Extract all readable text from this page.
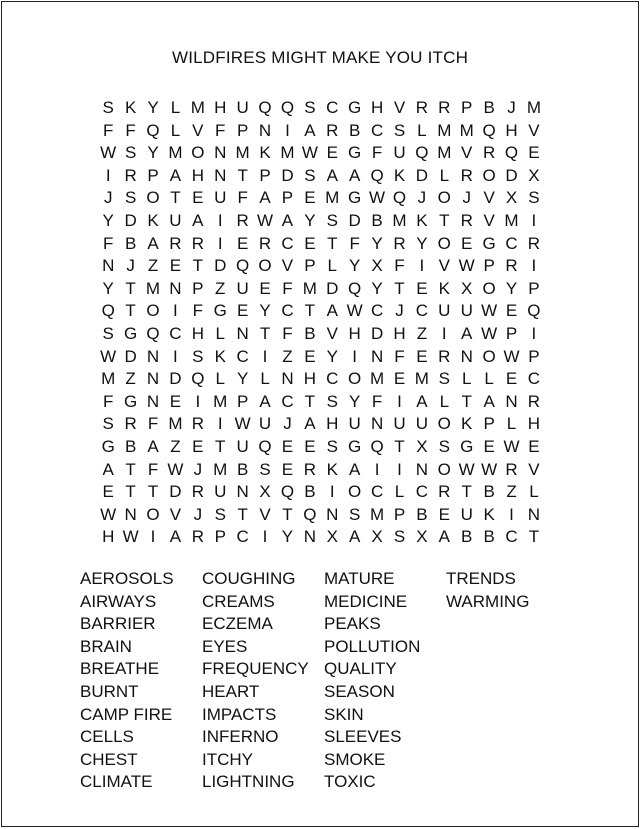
WILDFIRES MIGHT MAKE YOU ITCH
S K Y L M H U Q Q S C G H V R R P B J M
F F Q L V F P N I A R B C S L M M Q H V
W S Y M O N M K M W E G F U Q M V R Q E
I R P A H N T P D S A A Q K D L R O D X
J S O T E U F A P E M G W Q J O J V X S
Y D K U A I R W A Y S D B M K T R V M I
F B A R R I E R C E T F Y R Y O E G C R
N J Z E T D Q O V P L Y X F I V W P R I
Y T M N P Z U E F M D Q Y T E K X O Y P
Q T O I F G E Y C T A W C J C U U W E Q
S G Q C H L N T F B V H D H Z I A W P I
W D N I S K C I Z E Y I N F E R N O W P
M Z N D Q L Y L N H C O M E M S L L E C
F G N E I M P A C T S Y F I A L T A N R
S R F M R I W U J A H U N U U O K P L H
G B A Z E T U Q E E S G Q T X S G E W E
A T F W J M B S E R K A I	I N O W W R V
E T T D R U N X Q B I O C L C R T B Z L
W N O V J S T V T Q N S M P B E U K I N
H W I A R P C I Y N X A X S X A B B C T
AEROSOLS
AIRWAYS
BARRIER
BRAIN
BREATHE
BURNT
CAMP FIRE
CELLS
CHEST
CLIMATE
COUGHING
CREAMS
ECZEMA
EYES
FREQUENCY
HEART
IMPACTS
INFERNO
ITCHY
LIGHTNING
MATURE
MEDICINE
PEAKS
POLLUTION
QUALITY
SEASON
SKIN
SLEEVES
SMOKE
TOXIC
TRENDS
WARMING
